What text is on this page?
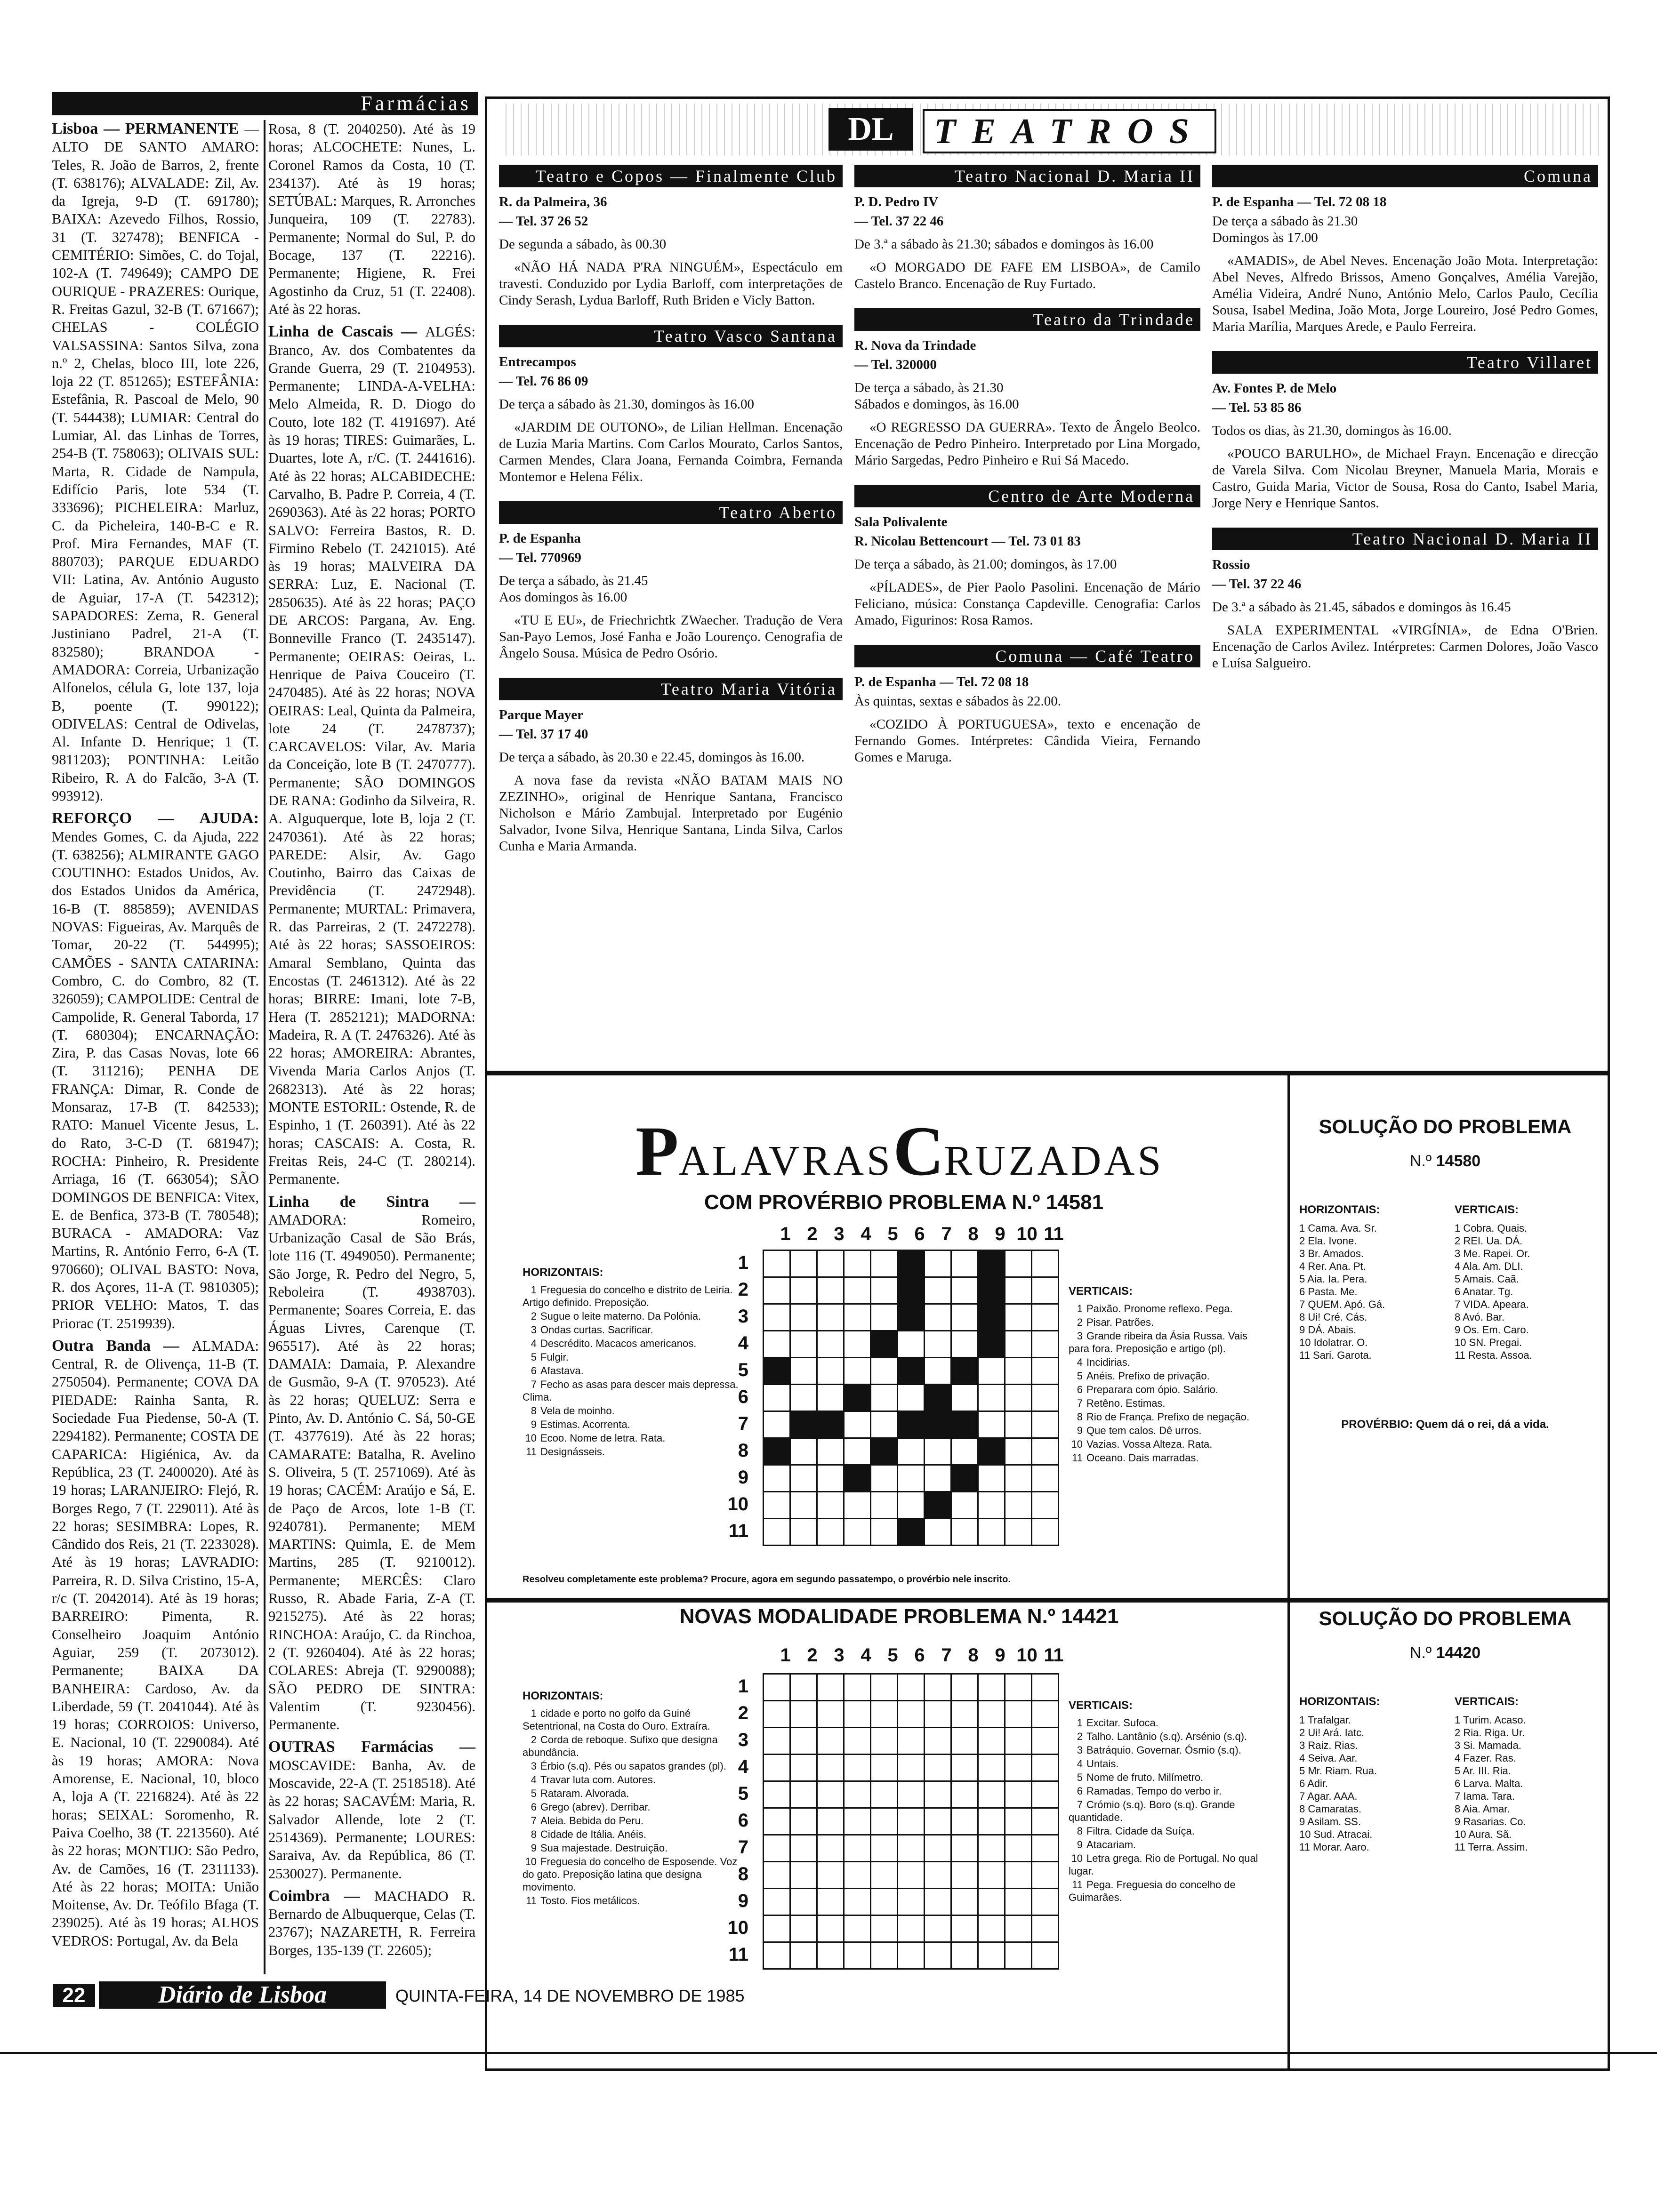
Farmácias

Lisboa — PERMANENTE — ALTO DE SANTO AMARO: Teles, R. João de Barros, 2, frente (T. 638176); ALVALADE: Zil, Av. da Igreja, 9-D (T. 691780); BAIXA: Azevedo Filhos, Rossio, 31 (T. 327478); BENFICA - CEMITÉRIO: Simões, C. do Tojal, 102-A (T. 749649); CAMPO DE OURIQUE - PRAZERES: Ourique, R. Freitas Gazul, 32-B (T. 671667); CHELAS - COLÉGIO VALSASSINA: Santos Silva, zona n.º 2, Chelas, bloco III, lote 226, loja 22 (T. 851265); ESTEFÂNIA: Estefânia, R. Pascoal de Melo, 90 (T. 544438); LUMIAR: Central do Lumiar, Al. das Linhas de Torres, 254-B (T. 758063); OLIVAIS SUL: Marta, R. Cidade de Nampula, Edifício Paris, lote 534 (T. 333696); PICHELEIRA: Marluz, C. da Picheleira, 140-B-C e R. Prof. Mira Fernandes, MAF (T. 880703); PARQUE EDUARDO VII: Latina, Av. António Augusto de Aguiar, 17-A (T. 542312); SAPADORES: Zema, R. General Justiniano Padrel, 21-A (T. 832580); BRANDOA - AMADORA: Correia, Urbanização Alfonelos, célula G, lote 137, loja B, poente (T. 990122); ODIVELAS: Central de Odivelas, Al. Infante D. Henrique; 1 (T. 9811203); PONTINHA: Leitão Ribeiro, R. A do Falcão, 3-A (T. 993912).

REFORÇO — AJUDA: Mendes Gomes, C. da Ajuda, 222 (T. 638256); ALMIRANTE GAGO COUTINHO: Estados Unidos, Av. dos Estados Unidos da América, 16-B (T. 885859); AVENIDAS NOVAS: Figueiras, Av. Marquês de Tomar, 20-22 (T. 544995); CAMÕES - SANTA CATARINA: Combro, C. do Combro, 82 (T. 326059); CAMPOLIDE: Central de Campolide, R. General Taborda, 17 (T. 680304); ENCARNAÇÃO: Zira, P. das Casas Novas, lote 66 (T. 311216); PENHA DE FRANÇA: Dimar, R. Conde de Monsaraz, 17-B (T. 842533); RATO: Manuel Vicente Jesus, L. do Rato, 3-C-D (T. 681947); ROCHA: Pinheiro, R. Presidente Arriaga, 16 (T. 663054); SÃO DOMINGOS DE BENFICA: Vitex, E. de Benfica, 373-B (T. 780548); BURACA - AMADORA: Vaz Martins, R. António Ferro, 6-A (T. 970660); OLIVAL BASTO: Nova, R. dos Açores, 11-A (T. 9810305); PRIOR VELHO: Matos, T. das Priorас (T. 2519939).

Outra Banda — ALMADA: Central, R. de Olivença, 11-B (T. 2750504). Permanente; COVA DA PIEDADE: Rainha Santa, R. Sociedade Fua Piedense, 50-A (T. 2294182). Permanente; COSTA DE CAPARICA: Higiénica, Av. da República, 23 (T. 2400020). Até às 19 horas; LARANJEIRO: Flejó, R. Borges Rego, 7 (T. 229011). Até às 22 horas; SESIMBRA: Lopes, R. Cândido dos Reis, 21 (T. 2233028). Até às 19 horas; LAVRADIO: Parreira, R. D. Silva Cristino, 15-A, r/c (T. 2042014). Até às 19 horas; BARREIRO: Pimenta, R. Conselheiro Joaquim António Aguiar, 259 (T. 2073012). Permanente; BAIXA DA BANHEIRA: Cardoso, Av. da Liberdade, 59 (T. 2041044). Até às 19 horas; CORROIOS: Universo, E. Nacional, 10 (T. 2290084). Até às 19 horas; AMORA: Nova Amorense, E. Nacional, 10, bloco A, loja A (T. 2216824). Até às 22 horas; SEIXAL: Soromenho, R. Paiva Coelho, 38 (T. 2213560). Até às 22 horas; MONTIJO: São Pedro, Av. de Camões, 16 (T. 2311133). Até às 22 horas; MOITA: União Moitense, Av. Dr. Teófilo Bfaga (T. 239025). Até às 19 horas; ALHOS VEDROS: Portugal, Av. da Bela

Rosa, 8 (T. 2040250). Até às 19 horas; ALCOCHETE: Nunes, L. Coronel Ramos da Costa, 10 (T. 234137). Até às 19 horas; SETÚBAL: Marques, R. Arronches Junqueira, 109 (T. 22783). Permanente; Normal do Sul, P. do Bocage, 137 (T. 22216). Permanente; Higiene, R. Frei Agostinho da Cruz, 51 (T. 22408). Até às 22 horas.

Linha de Cascais — ALGÉS: Branco, Av. dos Combatentes da Grande Guerra, 29 (T. 2104953). Permanente; LINDA-A-VELHA: Melo Almeida, R. D. Diogo do Couto, lote 182 (T. 4191697). Até às 19 horas; TIRES: Guimarães, L. Duartes, lote A, r/C. (T. 2441616). Até às 22 horas; ALCABIDECHE: Carvalho, B. Padre P. Correia, 4 (T. 2690363). Até às 22 horas; PORTO SALVO: Ferreira Bastos, R. D. Firmino Rebelo (T. 2421015). Até às 19 horas; MALVEIRA DA SERRA: Luz, E. Nacional (T. 2850635). Até às 22 horas; PAÇO DE ARCOS: Pargana, Av. Eng. Bonneville Franco (T. 2435147). Permanente; OEIRAS: Oeiras, L. Henrique de Paiva Couceiro (T. 2470485). Até às 22 horas; NOVA OEIRAS: Leal, Quinta da Palmeira, lote 24 (T. 2478737); CARCAVELOS: Vilar, Av. Maria da Conceição, lote B (T. 2470777). Permanente; SÃO DOMINGOS DE RANA: Godinho da Silveira, R. A. Alguquerque, lote B, loja 2 (T. 2470361). Até às 22 horas; PAREDE: Alsir, Av. Gago Coutinho, Bairro das Caixas de Previdência (T. 2472948). Permanente; MURTAL: Primavera, R. das Parreiras, 2 (T. 2472278). Até às 22 horas; SASSOEIROS: Amaral Semblano, Quinta das Encostas (T. 2461312). Até às 22 horas; BIRRE: Imani, lote 7-B, Hera (T. 2852121); MADORNA: Madeira, R. A (T. 2476326). Até às 22 horas; AMOREIRA: Abrantes, Vivenda Maria Carlos Anjos (T. 2682313). Até às 22 horas; MONTE ESTORIL: Ostende, R. de Espinho, 1 (T. 260391). Até às 22 horas; CASCAIS: A. Costa, R. Freitas Reis, 24-C (T. 280214). Permanente.

Linha de Sintra — AMADORA: Romeiro, Urbanização Casal de São Brás, lote 116 (T. 4949050). Permanente; São Jorge, R. Pedro del Negro, 5, Reboleira (T. 4938703). Permanente; Soares Correia, E. das Águas Livres, Carenque (T. 965517). Até às 22 horas; DAMAIA: Damaia, P. Alexandre de Gusmão, 9-A (T. 970523). Até às 22 horas; QUELUZ: Serra e Pinto, Av. D. António C. Sá, 50-GE (T. 4377619). Até às 22 horas; CAMARATE: Batalha, R. Avelino S. Oliveira, 5 (T. 2571069). Até às 19 horas; CACÉM: Araújo e Sá, E. de Paço de Arcos, lote 1-B (T. 9240781). Permanente; MEM MARTINS: Quimla, E. de Mem Martins, 285 (T. 9210012). Permanente; MERCÊS: Claro Russo, R. Abade Faria, Z-A (T. 9215275). Até às 22 horas; RINCHOA: Araújo, C. da Rinchoa, 2 (T. 9260404). Até às 22 horas; COLARES: Abreja (T. 9290088); SÃO PEDRO DE SINTRA: Valentim (T. 9230456). Permanente.

OUTRAS Farmácias — MOSCAVIDE: Banha, Av. de Moscavide, 22-A (T. 2518518). Até às 22 horas; SACAVÉM: Maria, R. Salvador Allende, lote 2 (T. 2514369). Permanente; LOURES: Saraiva, Av. da República, 86 (T. 2530027). Permanente.

Coimbra — MACHADO R. Bernardo de Albuquerque, Celas (T. 23767); NAZARETH, R. Ferreira Borges, 135-139 (T. 22605);

DL	TEATROS
Teatro e Copos — Finalmente Club

R. da Palmeira, 36

— Tel. 37 26 52

De segunda a sábado, às 00.30

«NÃO HÁ NADA P'RA NINGUÉM», Espectáculo em travesti. Conduzido por Lydia Barloff, com interpretações de Cindy Serash, Lydua Barloff, Ruth Briden e Vicly Batton.

Teatro Vasco Santana

Entrecampos

— Tel. 76 86 09

De terça a sábado às 21.30, domingos às 16.00

«JARDIM DE OUTONO», de Lilian Hellman. Encenação de Luzia Maria Martins. Com Carlos Mourato, Carlos Santos, Carmen Mendes, Clara Joana, Fernanda Coimbra, Fernanda Montemor e Helena Félix.

Teatro Aberto

P. de Espanha

— Tel. 770969

De terça a sábado, às 21.45
Aos domingos às 16.00

«TU E EU», de Friechrichtk ZWaecher. Tradução de Vera San-Payo Lemos, José Fanha e João Lourenço. Cenografia de Ângelo Sousa. Música de Pedro Osório.

Teatro Maria Vitória

Parque Mayer

— Tel. 37 17 40

De terça a sábado, às 20.30 e 22.45, domingos às 16.00.

A nova fase da revista «NÃO BATAM MAIS NO ZEZINHO», original de Henrique Santana, Francisco Nicholson e Mário Zambujal. Interpretado por Eugénio Salvador, Ivone Silva, Henrique Santana, Linda Silva, Carlos Cunha e Maria Armanda.

Teatro Nacional D. Maria II

P. D. Pedro IV

— Tel. 37 22 46

De 3.ª a sábado às 21.30; sábados e domingos às 16.00

«O MORGADO DE FAFE EM LISBOA», de Camilo Castelo Branco. Encenação de Ruy Furtado.

Teatro da Trindade

R. Nova da Trindade

— Tel. 320000

De terça a sábado, às 21.30
Sábados e domingos, às 16.00

«O REGRESSO DA GUERRA». Texto de Ângelo Beolco. Encenação de Pedro Pinheiro. Interpretado por Lina Morgado, Mário Sargedas, Pedro Pinheiro e Rui Sá Macedo.

Centro de Arte Moderna

Sala Polivalente

R. Nicolau Bettencourt — Tel. 73 01 83

De terça a sábado, às 21.00; domingos, às 17.00

«PÍLADES», de Pier Paolo Pasolini. Encenação de Mário Feliciano, música: Constança Capdeville. Cenografia: Carlos Amado, Figurinos: Rosa Ramos.

Comuna — Café Teatro

P. de Espanha — Tel. 72 08 18

Às quintas, sextas e sábados às 22.00.

«COZIDO À PORTUGUESA», texto e encenação de Fernando Gomes. Intérpretes: Cândida Vieira, Fernando Gomes e Maruga.

Comuna

P. de Espanha — Tel. 72 08 18

De terça a sábado às 21.30
Domingos às 17.00

«AMADIS», de Abel Neves. Encenação João Mota. Interpretação: Abel Neves, Alfredo Brissos, Ameno Gonçalves, Amélia Varejão, Amélia Videira, André Nuno, António Melo, Carlos Paulo, Cecília Sousa, Isabel Medina, João Mota, Jorge Loureiro, José Pedro Gomes, Maria Marília, Marques Arede, e Paulo Ferreira.

Teatro Villaret

Av. Fontes P. de Melo

— Tel. 53 85 86

Todos os dias, às 21.30, domingos às 16.00.

«POUCO BARULHO», de Michael Frayn. Encenação e direcção de Varela Silva. Com Nicolau Breyner, Manuela Maria, Morais e Castro, Guida Maria, Victor de Sousa, Rosa do Canto, Isabel Maria, Jorge Nery e Henrique Santos.

Teatro Nacional D. Maria II

Rossio

— Tel. 37 22 46

De 3.ª a sábado às 21.45, sábados e domingos às 16.45

SALA EXPERIMENTAL «VIRGÍNIA», de Edna O'Brien. Encenação de Carlos Avilez. Intérpretes: Carmen Dolores, João Vasco e Luísa Salgueiro.

PALAVRASCRUZADAS
COM PROVÉRBIO PROBLEMA N.º 14581
1 2 3 4 5 6 7 8 9 10 11
1
2
3
4
5
6
7
8
9
10
11

HORIZONTAIS:
1 Freguesia do concelho e distrito de Leiria. Artigo definido. Preposição.
2 Sugue o leite materno. Da Polónia.
3 Ondas curtas. Sacrificar.
4 Descrédito. Macacos americanos.
5 Fulgir.
6 Afastava.
7 Fecho as asas para descer mais depressa. Clima.
8 Vela de moinho.
9 Estimas. Acorrenta.
10 Ecoo. Nome de letra. Rata.
11 Designásseis.
VERTICAIS:
1 Paixão. Pronome reflexo. Pega.
2 Pisar. Patrões.
3 Grande ribeira da Ásia Russa. Vais para fora. Preposição e artigo (pl).
4 Incidirias.
5 Anéis. Prefixo de privação.
6 Preparara com ópio. Salário.
7 Retêno. Estimas.
8 Rio de França. Prefixo de negação.
9 Que tem calos. Dê urros.
10 Vazias. Vossa Alteza. Rata.
11 Oceano. Dais marradas.
Resolveu completamente este problema? Procure, agora em segundo passatempo, o provérbio nele inscrito.
SOLUÇÃO DO PROBLEMA
N.º 14580
HORIZONTAIS:
1 Cama. Ava. Sr.
2 Ela. Ivone.
3 Br. Amados.
4 Rer. Ana. Pt.
5 Aia. Ia. Pera.
6 Pasta. Me.
7 QUEM. Apó. Gá.
8 Ui! Cré. Cás.
9 DÁ. Abais.
10 Idolatrar. O.
11 Sari. Garota.
VERTICAIS:
1 Cobra. Quais.
2 REI. Ua. DÁ.
3 Me. Rapei. Or.
4 Ala. Am. DLI.
5 Amais. Caã.
6 Anatar. Tg.
7 VIDA. Apeara.
8 Avó. Bar.
9 Os. Em. Caro.
10 SN. Pregai.
11 Resta. Assoa.
PROVÉRBIO: Quem dá o rei, dá a vida.
NOVAS MODALIDADE PROBLEMA N.º 14421
1 2 3 4 5 6 7 8 9 10 11
1
2
3
4
5
6
7
8
9
10
11

HORIZONTAIS:
1 cidade e porto no golfo da Guiné Setentrional, na Costa do Ouro. Extraíra.
2 Corda de reboque. Sufixo que designa abundância.
3 Érbio (s.q). Pés ou sapatos grandes (pl).
4 Travar luta com. Autores.
5 Rataram. Alvorada.
6 Grego (abrev). Derribar.
7 Aleia. Bebida do Peru.
8 Cidade de Itália. Anéis.
9 Sua majestade. Destruição.
10 Freguesia do concelho de Esposende. Voz do gato. Preposição latina que designa movimento.
11 Tosto. Fios metálicos.
VERTICAIS:
1 Excitar. Sufoca.
2 Talho. Lantânio (s.q). Arsénio (s.q).
3 Batráquio. Governar. Ósmio (s.q).
4 Untais.
5 Nome de fruto. Milímetro.
6 Ramadas. Tempo do verbo ir.
7 Crómio (s.q). Boro (s.q). Grande quantidade.
8 Filtra. Cidade da Suíça.
9 Atacariam.
10 Letra grega. Rio de Portugal. No qual lugar.
11 Pega. Freguesia do concelho de Guimarães.
SOLUÇÃO DO PROBLEMA
N.º 14420
HORIZONTAIS:
1 Trafalgar.
2 Ui! Ará. Iatc.
3 Raiz. Rias.
4 Seiva. Aar.
5 Mr. Riam. Rua.
6 Adir.
7 Agar. AAA.
8 Camaratas.
9 Asilam. SS.
10 Sud. Atracai.
11 Morar. Aaro.
VERTICAIS:
1 Turim. Acaso.
2 Ria. Riga. Ur.
3 Si. Mamada.
4 Fazer. Ras.
5 Ar. III. Ria.
6 Larva. Malta.
7 Iama. Tara.
8 Aia. Amar.
9 Rasarias. Co.
10 Aura. Sã.
11 Terra. Assim.
22	Diário de Lisboa	QUINTA-FEIRA, 14 DE NOVEMBRO DE 1985
